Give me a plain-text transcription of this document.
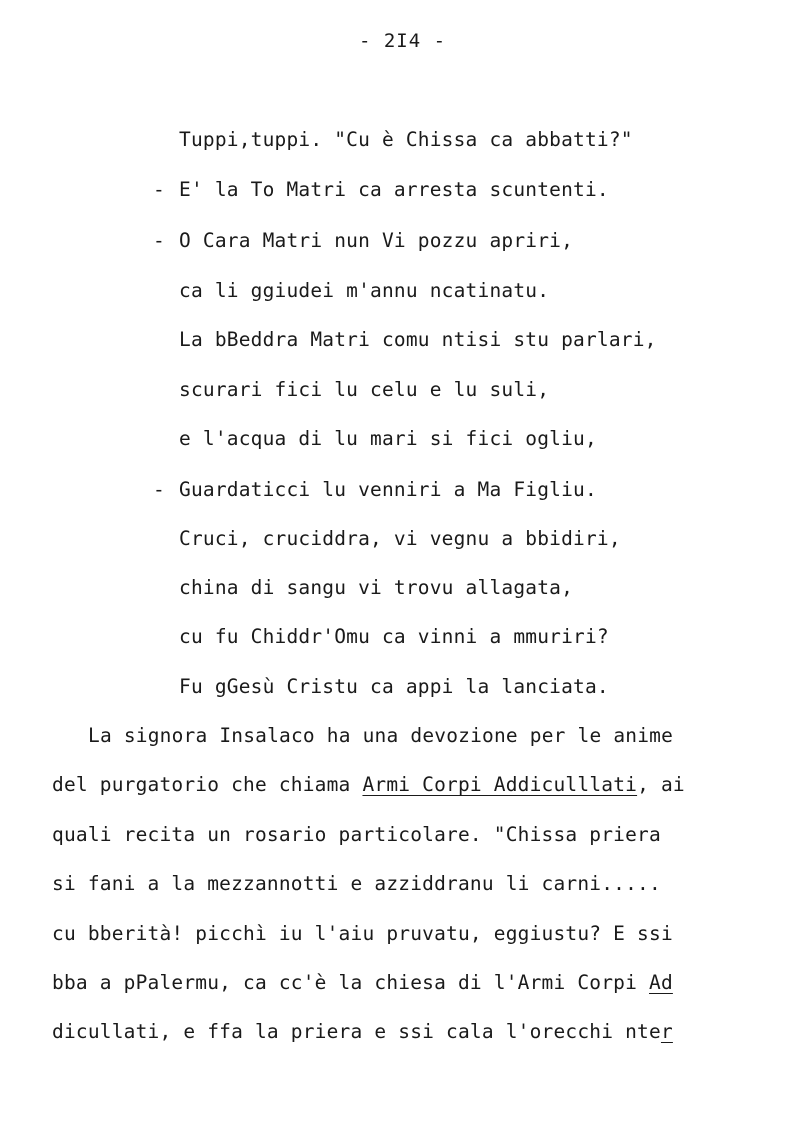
- 2I4 -
Tuppi,tuppi. "Cu è Chissa ca abbatti?"
- E' la To Matri ca arresta scuntenti.
- O Cara Matri nun Vi pozzu apriri,
ca li ggiudei m'annu ncatinatu.
La bBeddra Matri comu ntisi stu parlari,
scurari fici lu celu e lu suli,
e l'acqua di lu mari si fici ogliu,
- Guardaticci lu venniri a Ma Figliu.
Cruci, cruciddra, vi vegnu a bbidiri,
china di sangu vi trovu allagata,
cu fu Chiddr'Omu ca vinni a mmuriri?
Fu gGesù Cristu ca appi la lanciata.
La signora Insalaco ha una devozione per le anime
del purgatorio che chiama Armi Corpi Addiculllati, ai
quali recita un rosario particolare. "Chissa priera
si fani a la mezzannotti e azziddranu li carni.....
cu bberità! picchì iu l'aiu pruvatu, eggiustu? E ssi
bba a pPalermu, ca cc'è la chiesa di l'Armi Corpi Ad
dicullati, e ffa la priera e ssi cala l'orecchi nter
